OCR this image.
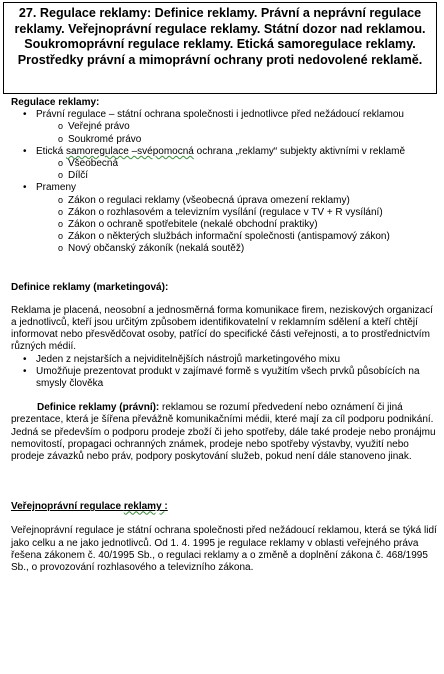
27. Regulace reklamy: Definice reklamy. Právní a neprávní regulace reklamy. Veřejnoprávní regulace reklamy. Státní dozor nad reklamou. Soukromoprávní regulace reklamy. Etická samoregulace reklamy. Prostředky právní a mimoprávní ochrany proti nedovolené reklamě.
Regulace reklamy:
• Právní regulace – státní ochrana společnosti i jednotlivce před nežádoucí reklamou
o Veřejné právo
o Soukromé právo
• Etická samoregulace –svépomocná ochrana „reklamy“ subjekty aktivními v reklamě
o Všeobecná
o Dílčí
• Prameny
o Zákon o regulaci reklamy (všeobecná úprava omezení reklamy)
o Zákon o rozhlasovém a televizním vysílání (regulace v TV + R vysílání)
o Zákon o ochraně spotřebitele (nekalé obchodní praktiky)
o Zákon o některých službách informační společnosti (antispamový zákon)
o Nový občanský zákoník (nekalá soutěž)
Definice reklamy (marketingová):

Reklama je placená, neosobní a jednosměrná forma komunikace firem, neziskových organizací a jednotlivců, kteří jsou určitým způsobem identifikovatelní v reklamním sdělení a kteří chtějí informovat nebo přesvědčovat osoby, patřící do specifické části veřejnosti, a to prostřednictvím různých médií.

• Jeden z nejstarších a nejviditelnějších nástrojů marketingového mixu
• Umožňuje prezentovat produkt v zajímavé formě s využitím všech prvků působících na smysly člověka

Definice reklamy (právní): reklamou se rozumí předvedení nebo oznámení či jiná prezentace, která je šířena převážně komunikačními médii, které mají za cíl podporu podnikání. Jedná se především o podporu prodeje zboží či jeho spotřeby, dále také prodeje nebo pronájmu nemovitostí, propagaci ochranných známek, prodeje nebo spotřeby výstavby, využití nebo prodeje závazků nebo práv, podpory poskytování služeb, pokud není dále stanoveno jinak.

Veřejnoprávní regulace reklamy :

Veřejnoprávní regulace je státní ochrana společnosti před nežádoucí reklamou, která se týká lidí jako celku a ne jako jednotlivců. Od 1. 4. 1995 je regulace reklamy v oblasti veřejného práva řešena zákonem č. 40/1995 Sb., o regulaci reklamy a o změně a doplnění zákona č. 468/1995 Sb., o provozování rozhlasového a televizního zákona.
